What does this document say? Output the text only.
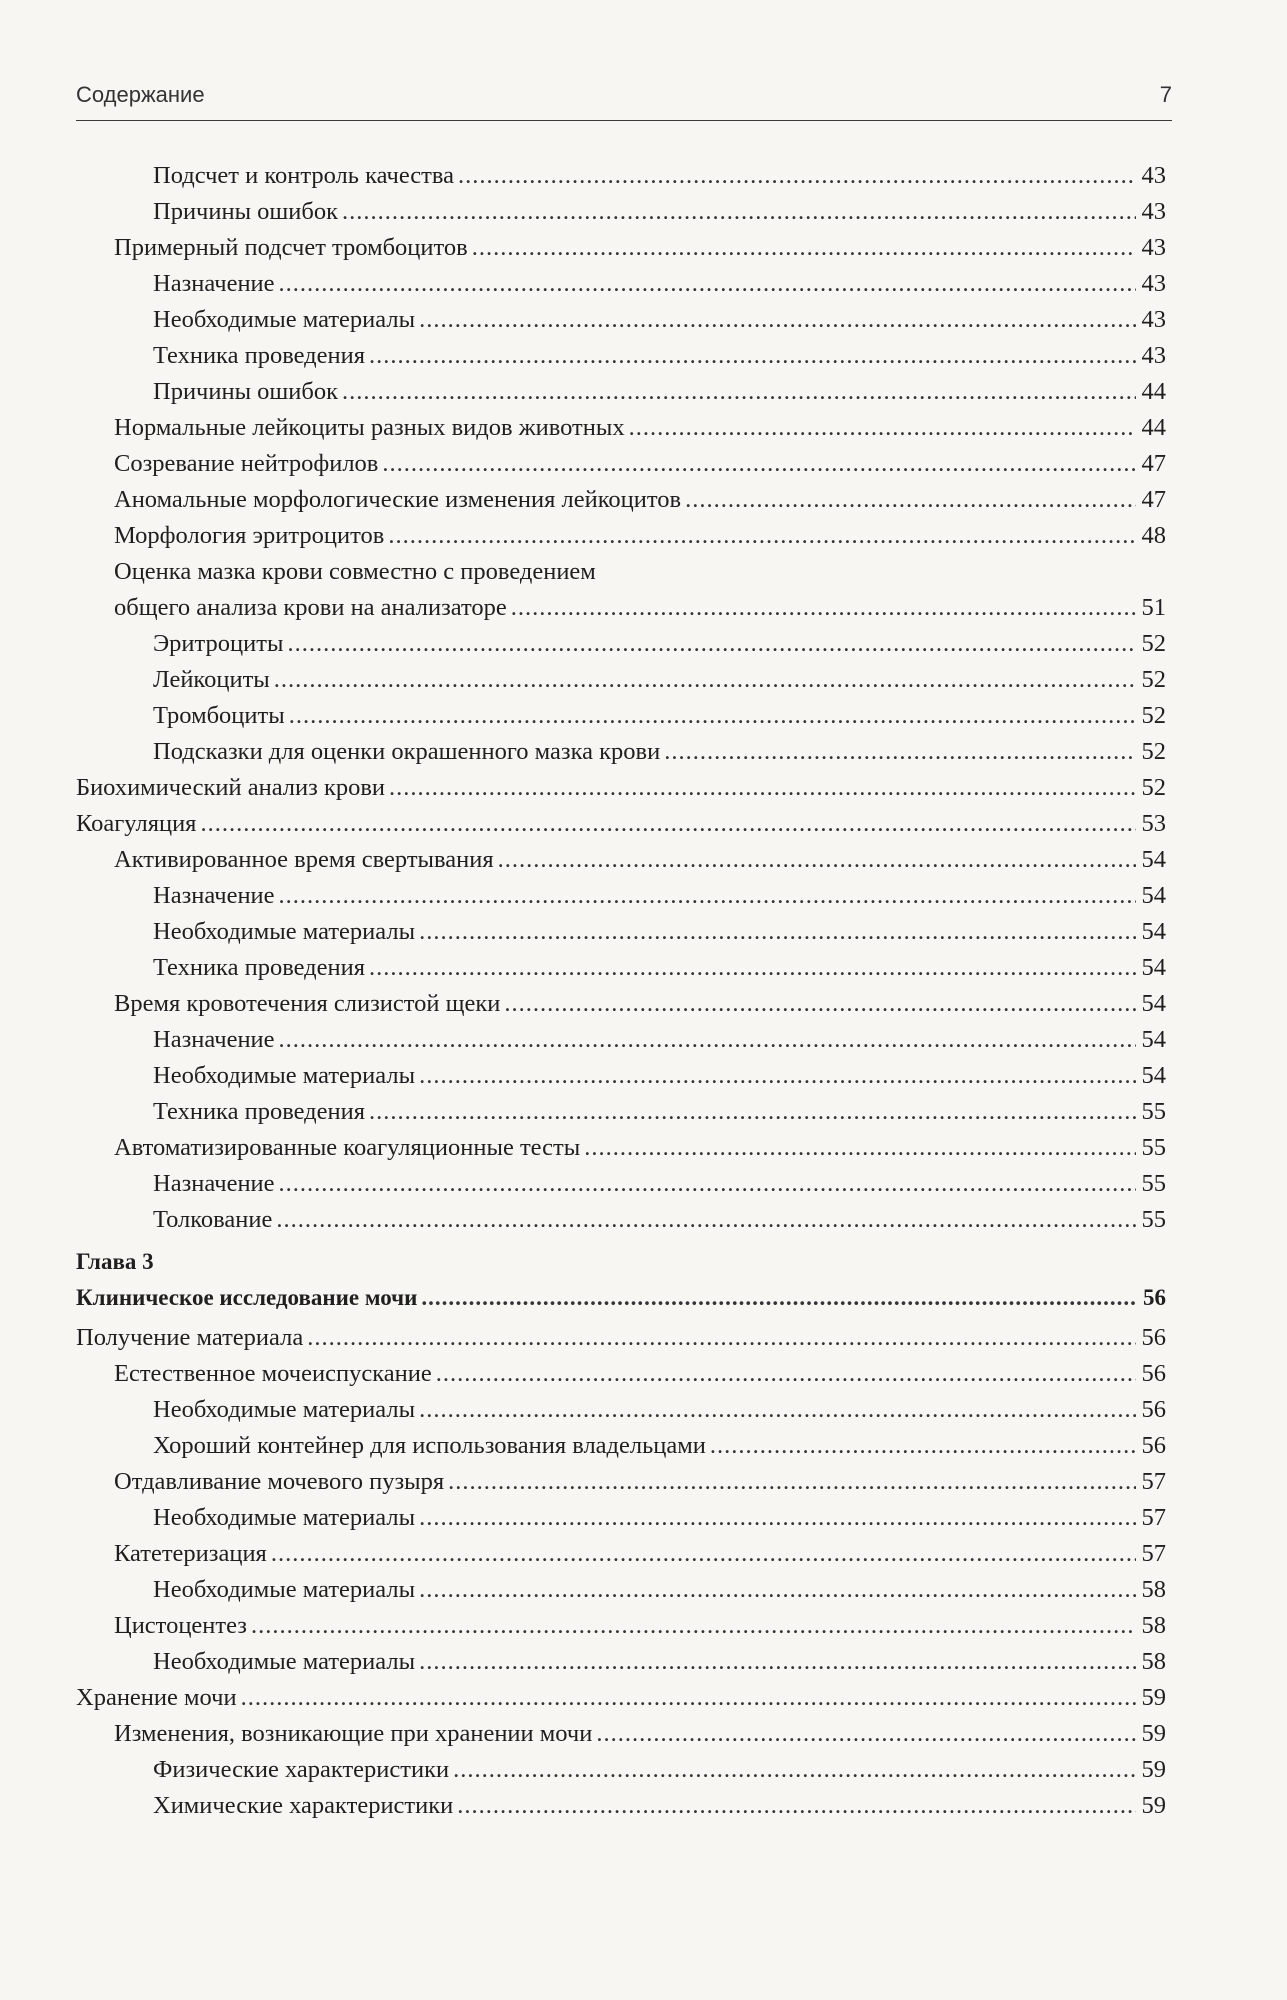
Содержание	7
Подсчет и контроль качества .....	43
Причины ошибок .....	43
Примерный подсчет тромбоцитов .....	43
Назначение .....	43
Необходимые материалы .....	43
Техника проведения .....	43
Причины ошибок .....	44
Нормальные лейкоциты разных видов животных .....	44
Созревание нейтрофилов .....	47
Аномальные морфологические изменения лейкоцитов .....	47
Морфология эритроцитов .....	48
Оценка мазка крови совместно с проведением
общего анализа крови на анализаторе .....	51
Эритроциты .....	52
Лейкоциты .....	52
Тромбоциты .....	52
Подсказки для оценки окрашенного мазка крови .....	52
Биохимический анализ крови .....	52
Коагуляция .....	53
Активированное время свертывания .....	54
Назначение .....	54
Необходимые материалы .....	54
Техника проведения .....	54
Время кровотечения слизистой щеки .....	54
Назначение .....	54
Необходимые материалы .....	54
Техника проведения .....	55
Автоматизированные коагуляционные тесты .....	55
Назначение .....	55
Толкование .....	55
Глава 3
Клиническое исследование мочи .....	56
Получение материала .....	56
Естественное мочеиспускание .....	56
Необходимые материалы .....	56
Хороший контейнер для использования владельцами .....	56
Отдавливание мочевого пузыря .....	57
Необходимые материалы .....	57
Катетеризация .....	57
Необходимые материалы .....	58
Цистоцентез .....	58
Необходимые материалы .....	58
Хранение мочи .....	59
Изменения, возникающие при хранении мочи .....	59
Физические характеристики .....	59
Химические характеристики .....	59
